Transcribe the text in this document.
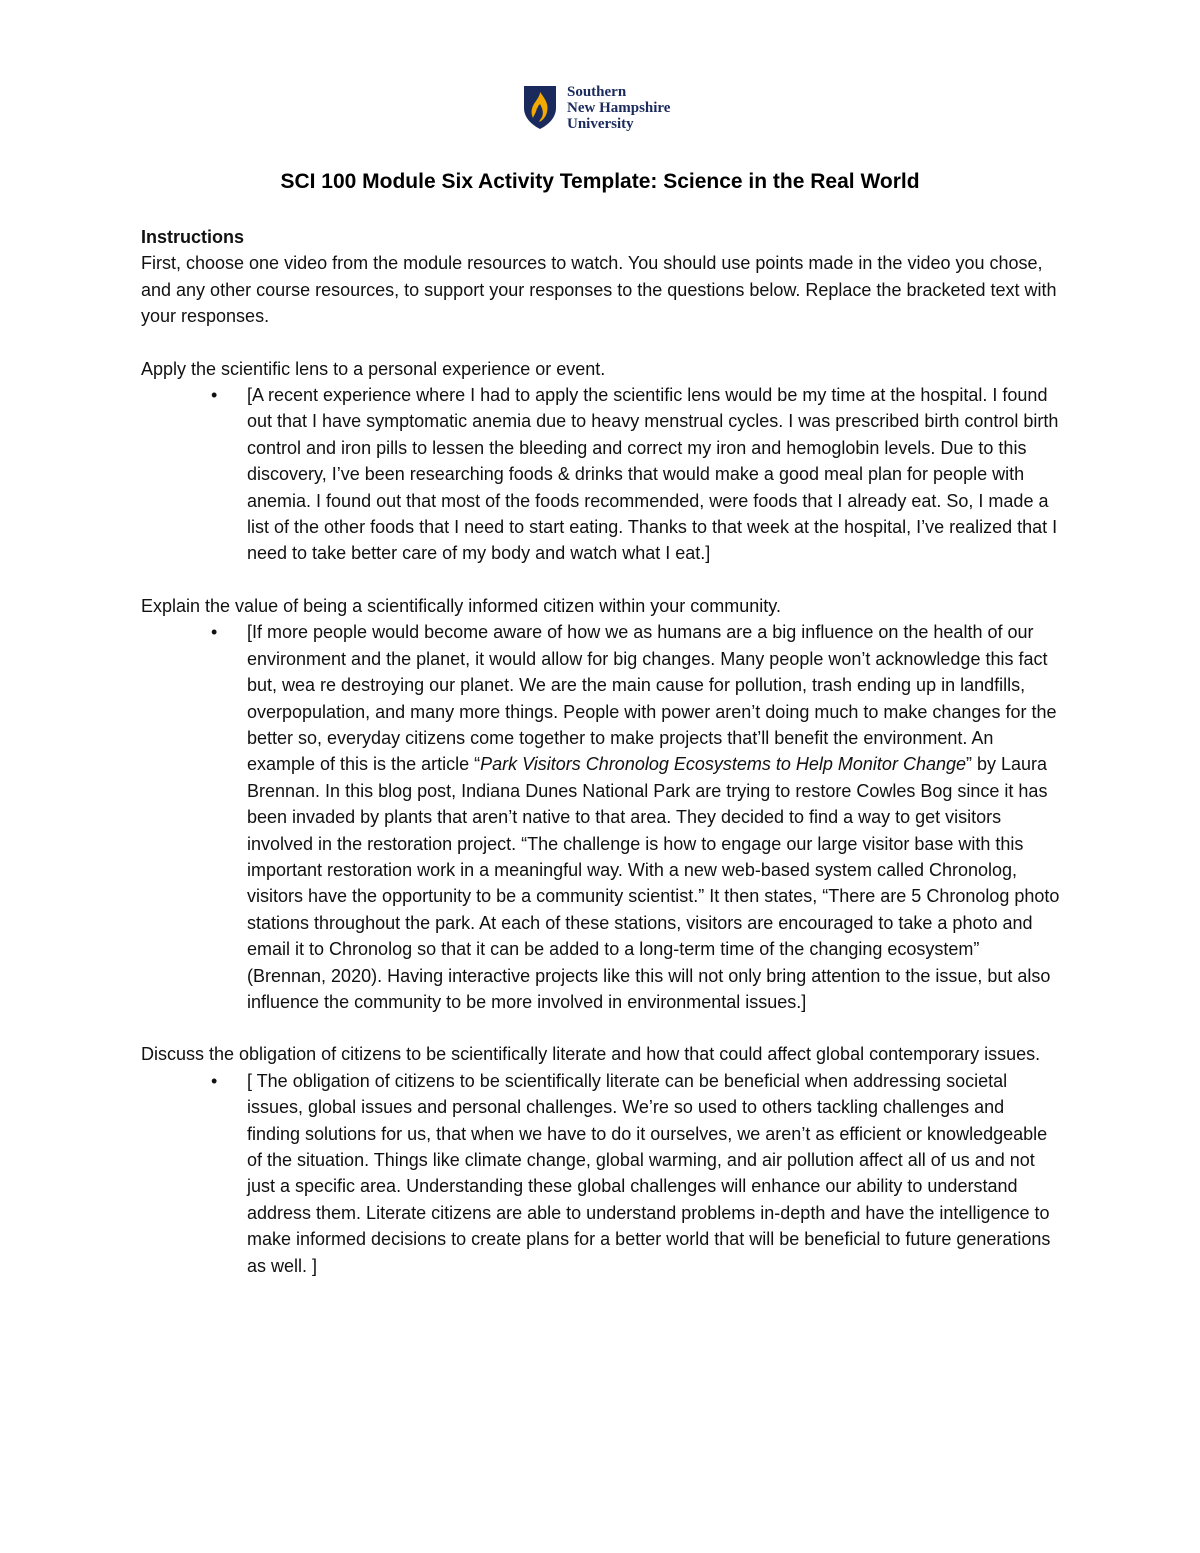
Southern
New Hampshire
University
SCI 100 Module Six Activity Template: Science in the Real World

Instructions

First, choose one video from the module resources to watch. You should use points made in the video you chose, and any other course resources, to support your responses to the questions below. Replace the bracketed text with your responses.

Apply the scientific lens to a personal experience or event.

• [A recent experience where I had to apply the scientific lens would be my time at the hospital. I found out that I have symptomatic anemia due to heavy menstrual cycles. I was prescribed birth control birth control and iron pills to lessen the bleeding and correct my iron and hemoglobin levels. Due to this discovery, I’ve been researching foods & drinks that would make a good meal plan for people with anemia. I found out that most of the foods recommended, were foods that I already eat. So, I made a list of the other foods that I need to start eating. Thanks to that week at the hospital, I’ve realized that I need to take better care of my body and watch what I eat.]

Explain the value of being a scientifically informed citizen within your community.

• [If more people would become aware of how we as humans are a big influence on the health of our environment and the planet, it would allow for big changes. Many people won’t acknowledge this fact but, wea re destroying our planet. We are the main cause for pollution, trash ending up in landfills, overpopulation, and many more things. People with power aren’t doing much to make changes for the better so, everyday citizens come together to make projects that’ll benefit the environment. An example of this is the article “Park Visitors Chronolog Ecosystems to Help Monitor Change” by Laura Brennan. In this blog post, Indiana Dunes National Park are trying to restore Cowles Bog since it has been invaded by plants that aren’t native to that area. They decided to find a way to get visitors involved in the restoration project. “The challenge is how to engage our large visitor base with this important restoration work in a meaningful way. With a new web-based system called Chronolog, visitors have the opportunity to be a community scientist.” It then states, “There are 5 Chronolog photo stations throughout the park. At each of these stations, visitors are encouraged to take a photo and email it to Chronolog so that it can be added to a long-term time of the changing ecosystem” (Brennan, 2020). Having interactive projects like this will not only bring attention to the issue, but also influence the community to be more involved in environmental issues.]

Discuss the obligation of citizens to be scientifically literate and how that could affect global contemporary issues.

• [ The obligation of citizens to be scientifically literate can be beneficial when addressing societal issues, global issues and personal challenges. We’re so used to others tackling challenges and finding solutions for us, that when we have to do it ourselves, we aren’t as efficient or knowledgeable of the situation. Things like climate change, global warming, and air pollution affect all of us and not just a specific area. Understanding these global challenges will enhance our ability to understand address them. Literate citizens are able to understand problems in-depth and have the intelligence to make informed decisions to create plans for a better world that will be beneficial to future generations as well. ]
